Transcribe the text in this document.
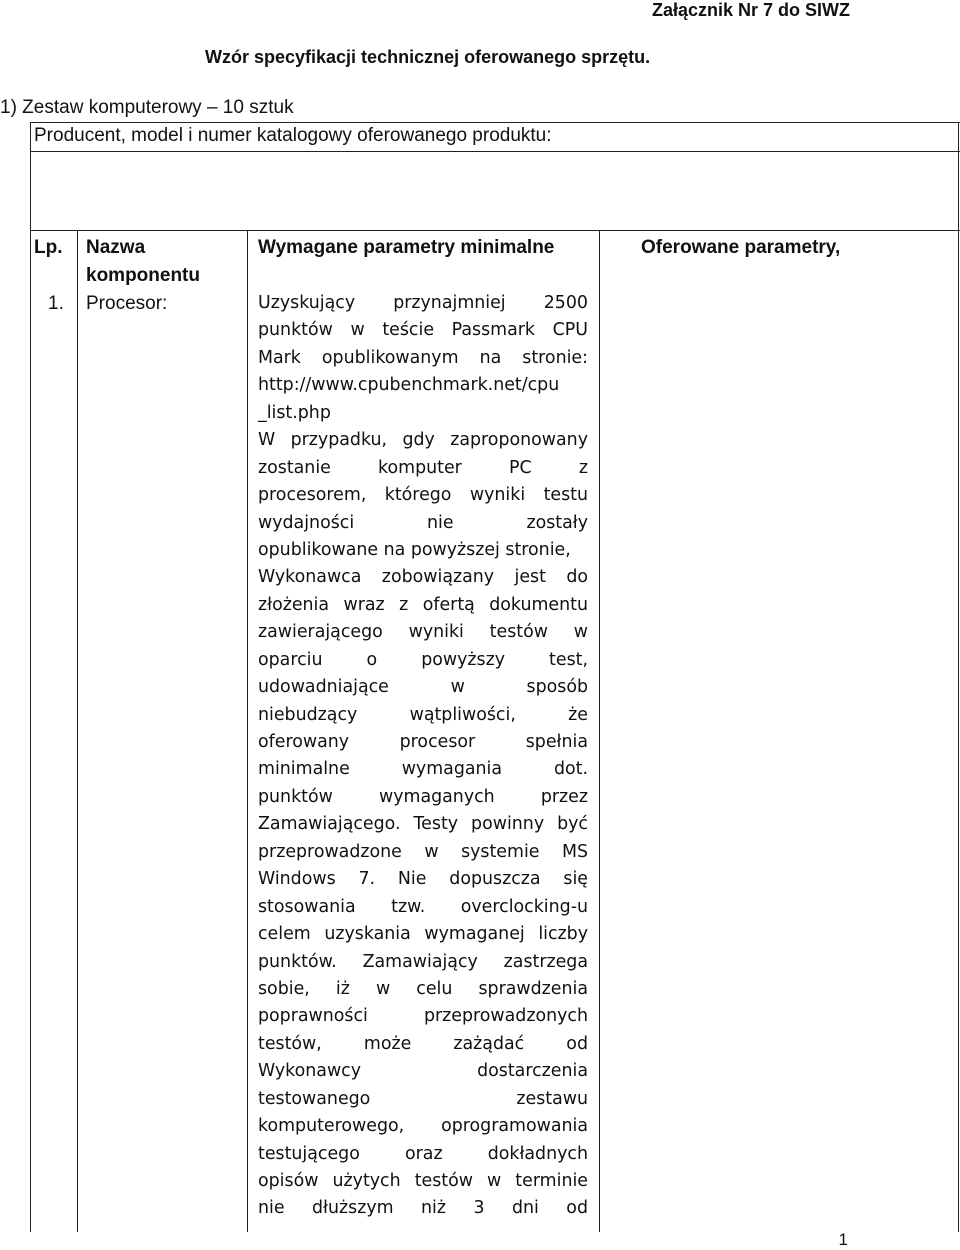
Załącznik Nr 7 do SIWZ
Wzór specyfikacji technicznej oferowanego sprzętu.
1) Zestaw komputerowy – 10 sztuk
Producent, model i numer katalogowy oferowanego produktu:
Lp. Nazwa
komponentu
Wymagane parametry minimalne	Oferowane parametry,
1. Procesor:	Uzyskujący przynajmniej 2500
punktów w teście Passmark CPU
Mark opublikowanym na stronie:
http://www.cpubenchmark.net/cpu
_list.php
W przypadku, gdy zaproponowany
zostanie komputer PC z
procesorem, którego wyniki testu
wydajności nie zostały
opublikowane na powyższej stronie,
Wykonawca zobowiązany jest do
złożenia wraz z ofertą dokumentu
zawierającego wyniki testów w
oparciu o powyższy test,
udowadniające w sposób
niebudzący wątpliwości, że
oferowany procesor spełnia
minimalne wymagania dot.
punktów wymaganych przez
Zamawiającego. Testy powinny być
przeprowadzone w systemie MS
Windows 7. Nie dopuszcza się
stosowania tzw. overclocking-u
celem uzyskania wymaganej liczby
punktów. Zamawiający zastrzega
sobie, iż w celu sprawdzenia
poprawności przeprowadzonych
testów, może zażądać od
Wykonawcy dostarczenia
testowanego zestawu
komputerowego, oprogramowania
testującego oraz dokładnych
opisów użytych testów w terminie
nie dłuższym niż 3 dni od
1
